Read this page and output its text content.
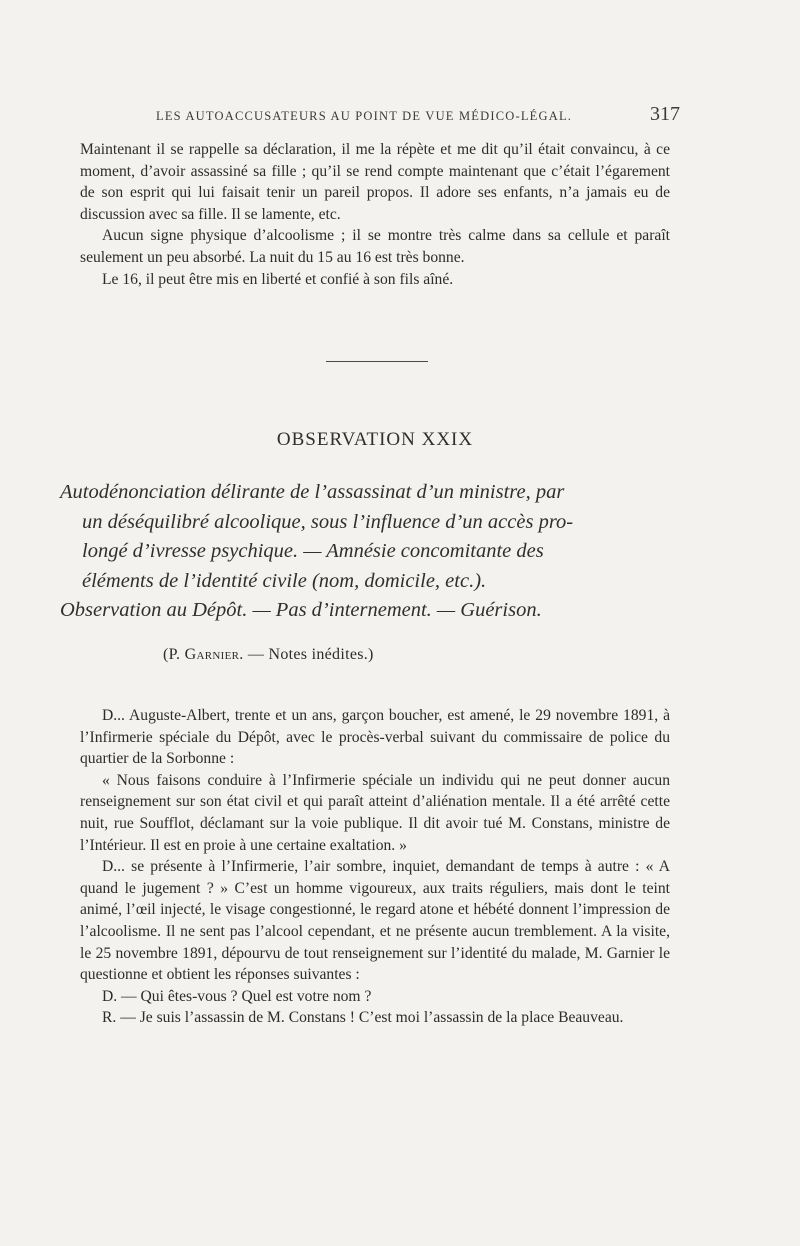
LES AUTOACCUSATEURS AU POINT DE VUE MÉDICO-LÉGAL.	317

Maintenant il se rappelle sa déclaration, il me la répète et me dit qu’il était convaincu, à ce moment, d’avoir assassiné sa fille ; qu’il se rend compte maintenant que c’était l’égarement de son esprit qui lui faisait tenir un pareil propos. Il adore ses enfants, n’a jamais eu de discussion avec sa fille. Il se lamente, etc.

Aucun signe physique d’alcoolisme ; il se montre très calme dans sa cellule et paraît seulement un peu absorbé. La nuit du 15 au 16 est très bonne.

Le 16, il peut être mis en liberté et confié à son fils aîné.

OBSERVATION XXIX
Autodénonciation délirante de l’assassinat d’un ministre, par
un déséquilibré alcoolique, sous l’influence d’un accès pro-
longé d’ivresse psychique. — Amnésie concomitante des
éléments de l’identité civile (nom, domicile, etc.).
Observation au Dépôt. — Pas d’internement. — Guérison.
(P. Garnier. — Notes inédites.)

D... Auguste-Albert, trente et un ans, garçon boucher, est amené, le 29 novembre 1891, à l’Infirmerie spéciale du Dépôt, avec le procès-verbal suivant du commissaire de police du quartier de la Sorbonne :

« Nous faisons conduire à l’Infirmerie spéciale un individu qui ne peut donner aucun renseignement sur son état civil et qui paraît atteint d’aliénation mentale. Il a été arrêté cette nuit, rue Soufflot, déclamant sur la voie publique. Il dit avoir tué M. Constans, ministre de l’Intérieur. Il est en proie à une certaine exaltation. »

D... se présente à l’Infirmerie, l’air sombre, inquiet, demandant de temps à autre : « A quand le jugement ? » C’est un homme vigoureux, aux traits réguliers, mais dont le teint animé, l’œil injecté, le visage congestionné, le regard atone et hébété donnent l’impression de l’alcoolisme. Il ne sent pas l’alcool cependant, et ne présente aucun tremblement. A la visite, le 25 novembre 1891, dépourvu de tout renseignement sur l’identité du malade, M. Garnier le questionne et obtient les réponses suivantes :

D. — Qui êtes-vous ? Quel est votre nom ?

R. — Je suis l’assassin de M. Constans ! C’est moi l’assassin de la place Beauveau.
